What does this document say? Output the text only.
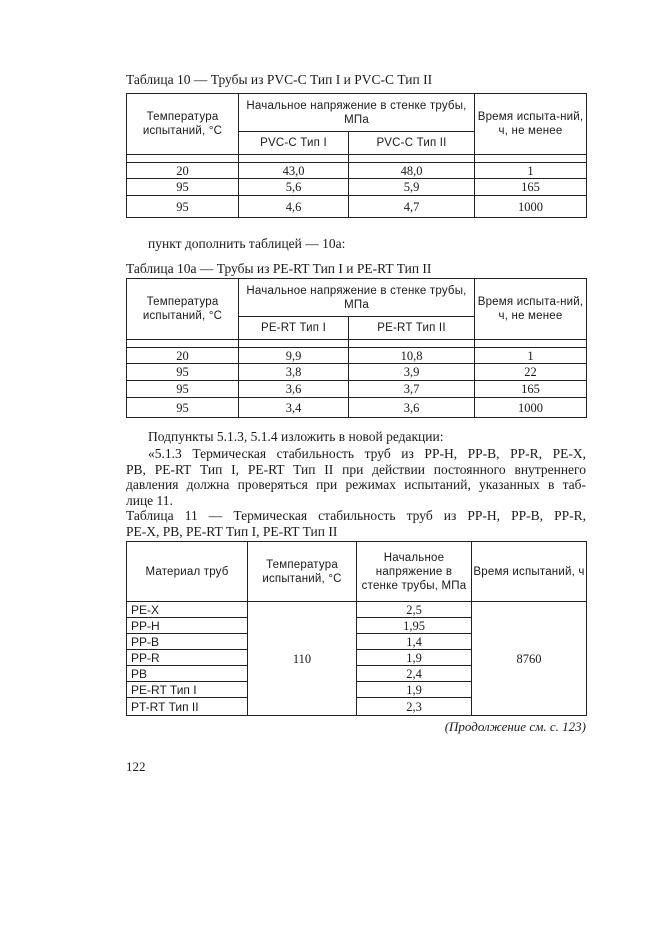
Таблица 10 — Трубы из PVC-C Тип I и PVC-C Тип II
Температура испытаний, °С	Начальное напряжение в стенке трубы, МПа		Время испыта-ний, ч, не менее
	PVC-C Тип I	PVC-C Тип II	

20	43,0	48,0	1
95	5,6	5,9	165
95	4,6	4,7	1000
пункт дополнить таблицей — 10а:
Таблица 10а — Трубы из PE-RT Тип I и PE-RT Тип II
Температура испытаний, °С	Начальное напряжение в стенке трубы, МПа		Время испыта-ний, ч, не менее
	PE-RT Тип I	PE-RT Тип II	

20	9,9	10,8	1
95	3,8	3,9	22
95	3,6	3,7	165
95	3,4	3,6	1000
Подпункты 5.1.3, 5.1.4 изложить в новой редакции:
«5.1.3 Термическая стабильность труб из PP-H, PP-B, PP-R, PE-X,
PB, PE-RT Тип I, PE-RT Тип II при действии постоянного внутреннего
давления должна проверяться при режимах испытаний, указанных в таб-
лице 11.
Таблица 11 — Термическая стабильность труб из PP-H, PP-B, PP-R,
PE-X, PB, PE-RT Тип I, PE-RT Тип II
Материал труб	Температура испытаний, °С	Начальное напряжение в стенке трубы, МПа	Время испытаний, ч
PE-X	110	2,5	8760
PP-H		1,95	
PP-B		1,4	
PP-R		1,9	
PB		2,4	
PE-RT Тип I		1,9	
PT-RT Тип II		2,3	
(Продолжение см. с. 123)
122
